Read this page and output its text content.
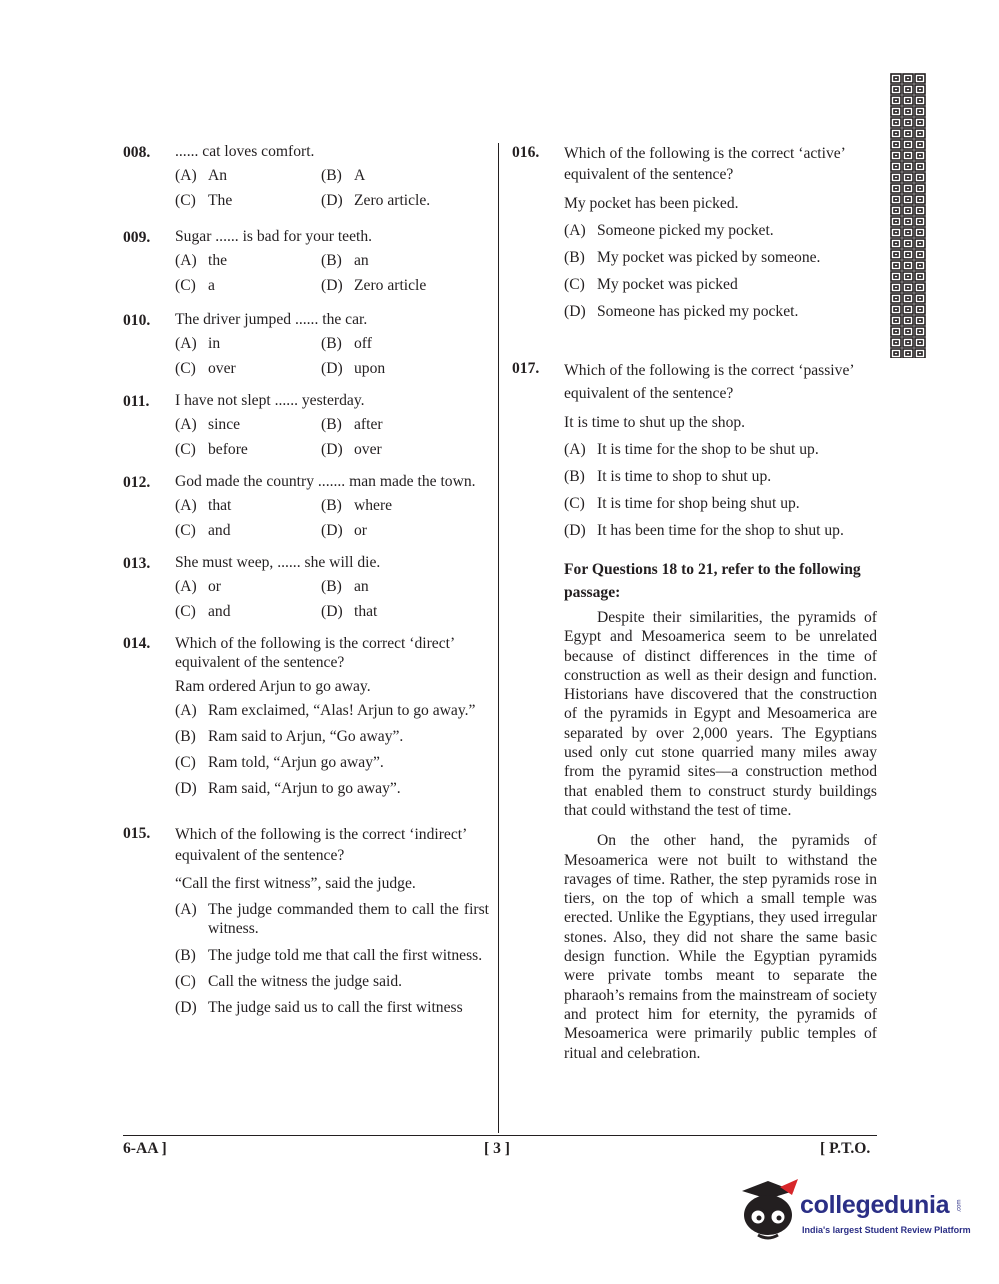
008.	...... cat loves comfort.

(A) An	(B) A
(C) The	(D) Zero article.
009.	Sugar ...... is bad for your teeth.

(A) the	(B) an
(C) a	(D) Zero article
010.	The driver jumped ...... the car.

(A) in	(B) off
(C) over	(D) upon
011.	I have not slept ...... yesterday.

(A) since	(B) after
(C) before	(D) over
012.	God made the country ....... man made the town.

(A) that	(B) where
(C) and	(D) or
013.	She must weep, ...... she will die.

(A) or	(B) an
(C) and	(D) that
014.	Which of the following is the correct ‘direct’ equivalent of the sentence?

Ram ordered Arjun to go away.
(A) Ram exclaimed, “Alas! Arjun to go away.”
(B) Ram said to Arjun, “Go away”.
(C) Ram told, “Arjun go away”.
(D) Ram said, “Arjun to go away”.
015.	Which of the following is the correct ‘indirect’ equivalent of the sentence?

“Call the first witness”, said the judge.
(A) The judge commanded them to call the first witness.
(B) The judge told me that call the first witness.
(C) Call the witness the judge said.
(D) The judge said us to call the first witness
016.	Which of the following is the correct ‘active’ equivalent of the sentence?

My pocket has been picked.
(A) Someone picked my pocket.
(B) My pocket was picked by someone.
(C) My pocket was picked
(D) Someone has picked my pocket.
017.	Which of the following is the correct ‘passive’ equivalent of the sentence?

It is time to shut up the shop.
(A) It is time for the shop to be shut up.
(B) It is time to shop to shut up.
(C) It is time for shop being shut up.
(D) It has been time for the shop to shut up.
For Questions 18 to 21, refer to the following passage:

Despite their similarities, the pyramids of Egypt and Mesoamerica seem to be unrelated because of distinct differences in the time of construction as well as their design and function. Historians have discovered that the construction of the pyramids in Egypt and Mesoamerica are separated by over 2,000 years. The Egyptians used only cut stone quarried many miles away from the pyramid sites—a construction method that enabled them to construct sturdy buildings that could withstand the test of time.

On the other hand, the pyramids of Mesoamerica were not built to withstand the ravages of time. Rather, the step pyramids rose in tiers, on the top of which a small temple was erected. Unlike the Egyptians, they used irregular stones. Also, they did not share the same basic design function. While the Egyptian pyramids were private tombs meant to separate the pharaoh’s remains from the mainstream of society and protect him for eternity, the pyramids of Mesoamerica were primarily public temples of ritual and celebration.

6-AA ]	[ 3 ]	[ P.T.O.
collegedunia .com
India's largest Student Review Platform
